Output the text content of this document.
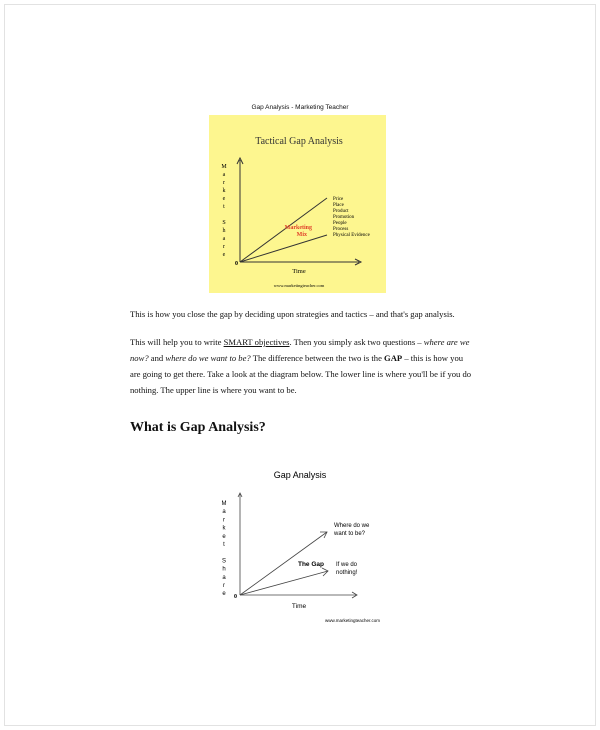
Gap Analysis - Marketing Teacher
Tactical Gap Analysis
M
a
r
k
e
t
S
h
a
r
e
0
Time
Marketing
Mix
Price
Place
Product
Promotion
People
Process
Physical Evidence
www.marketingteacher.com
This is how you close the gap by deciding upon strategies and tactics – and that's gap analysis.
This will help you to write SMART objectives. Then you simply ask two questions – where are we now? and where do we want to be? The difference between the two is the GAP – this is how you are going to get there. Take a look at the diagram below. The lower line is where you'll be if you do nothing. The upper line is where you want to be.
What is Gap Analysis?
Gap Analysis
M
a
r
k
e
t
S
h
a
r
e 0
Time
The Gap
Where do we
want to be?
If we do
nothing!
www.marketingteacher.com
